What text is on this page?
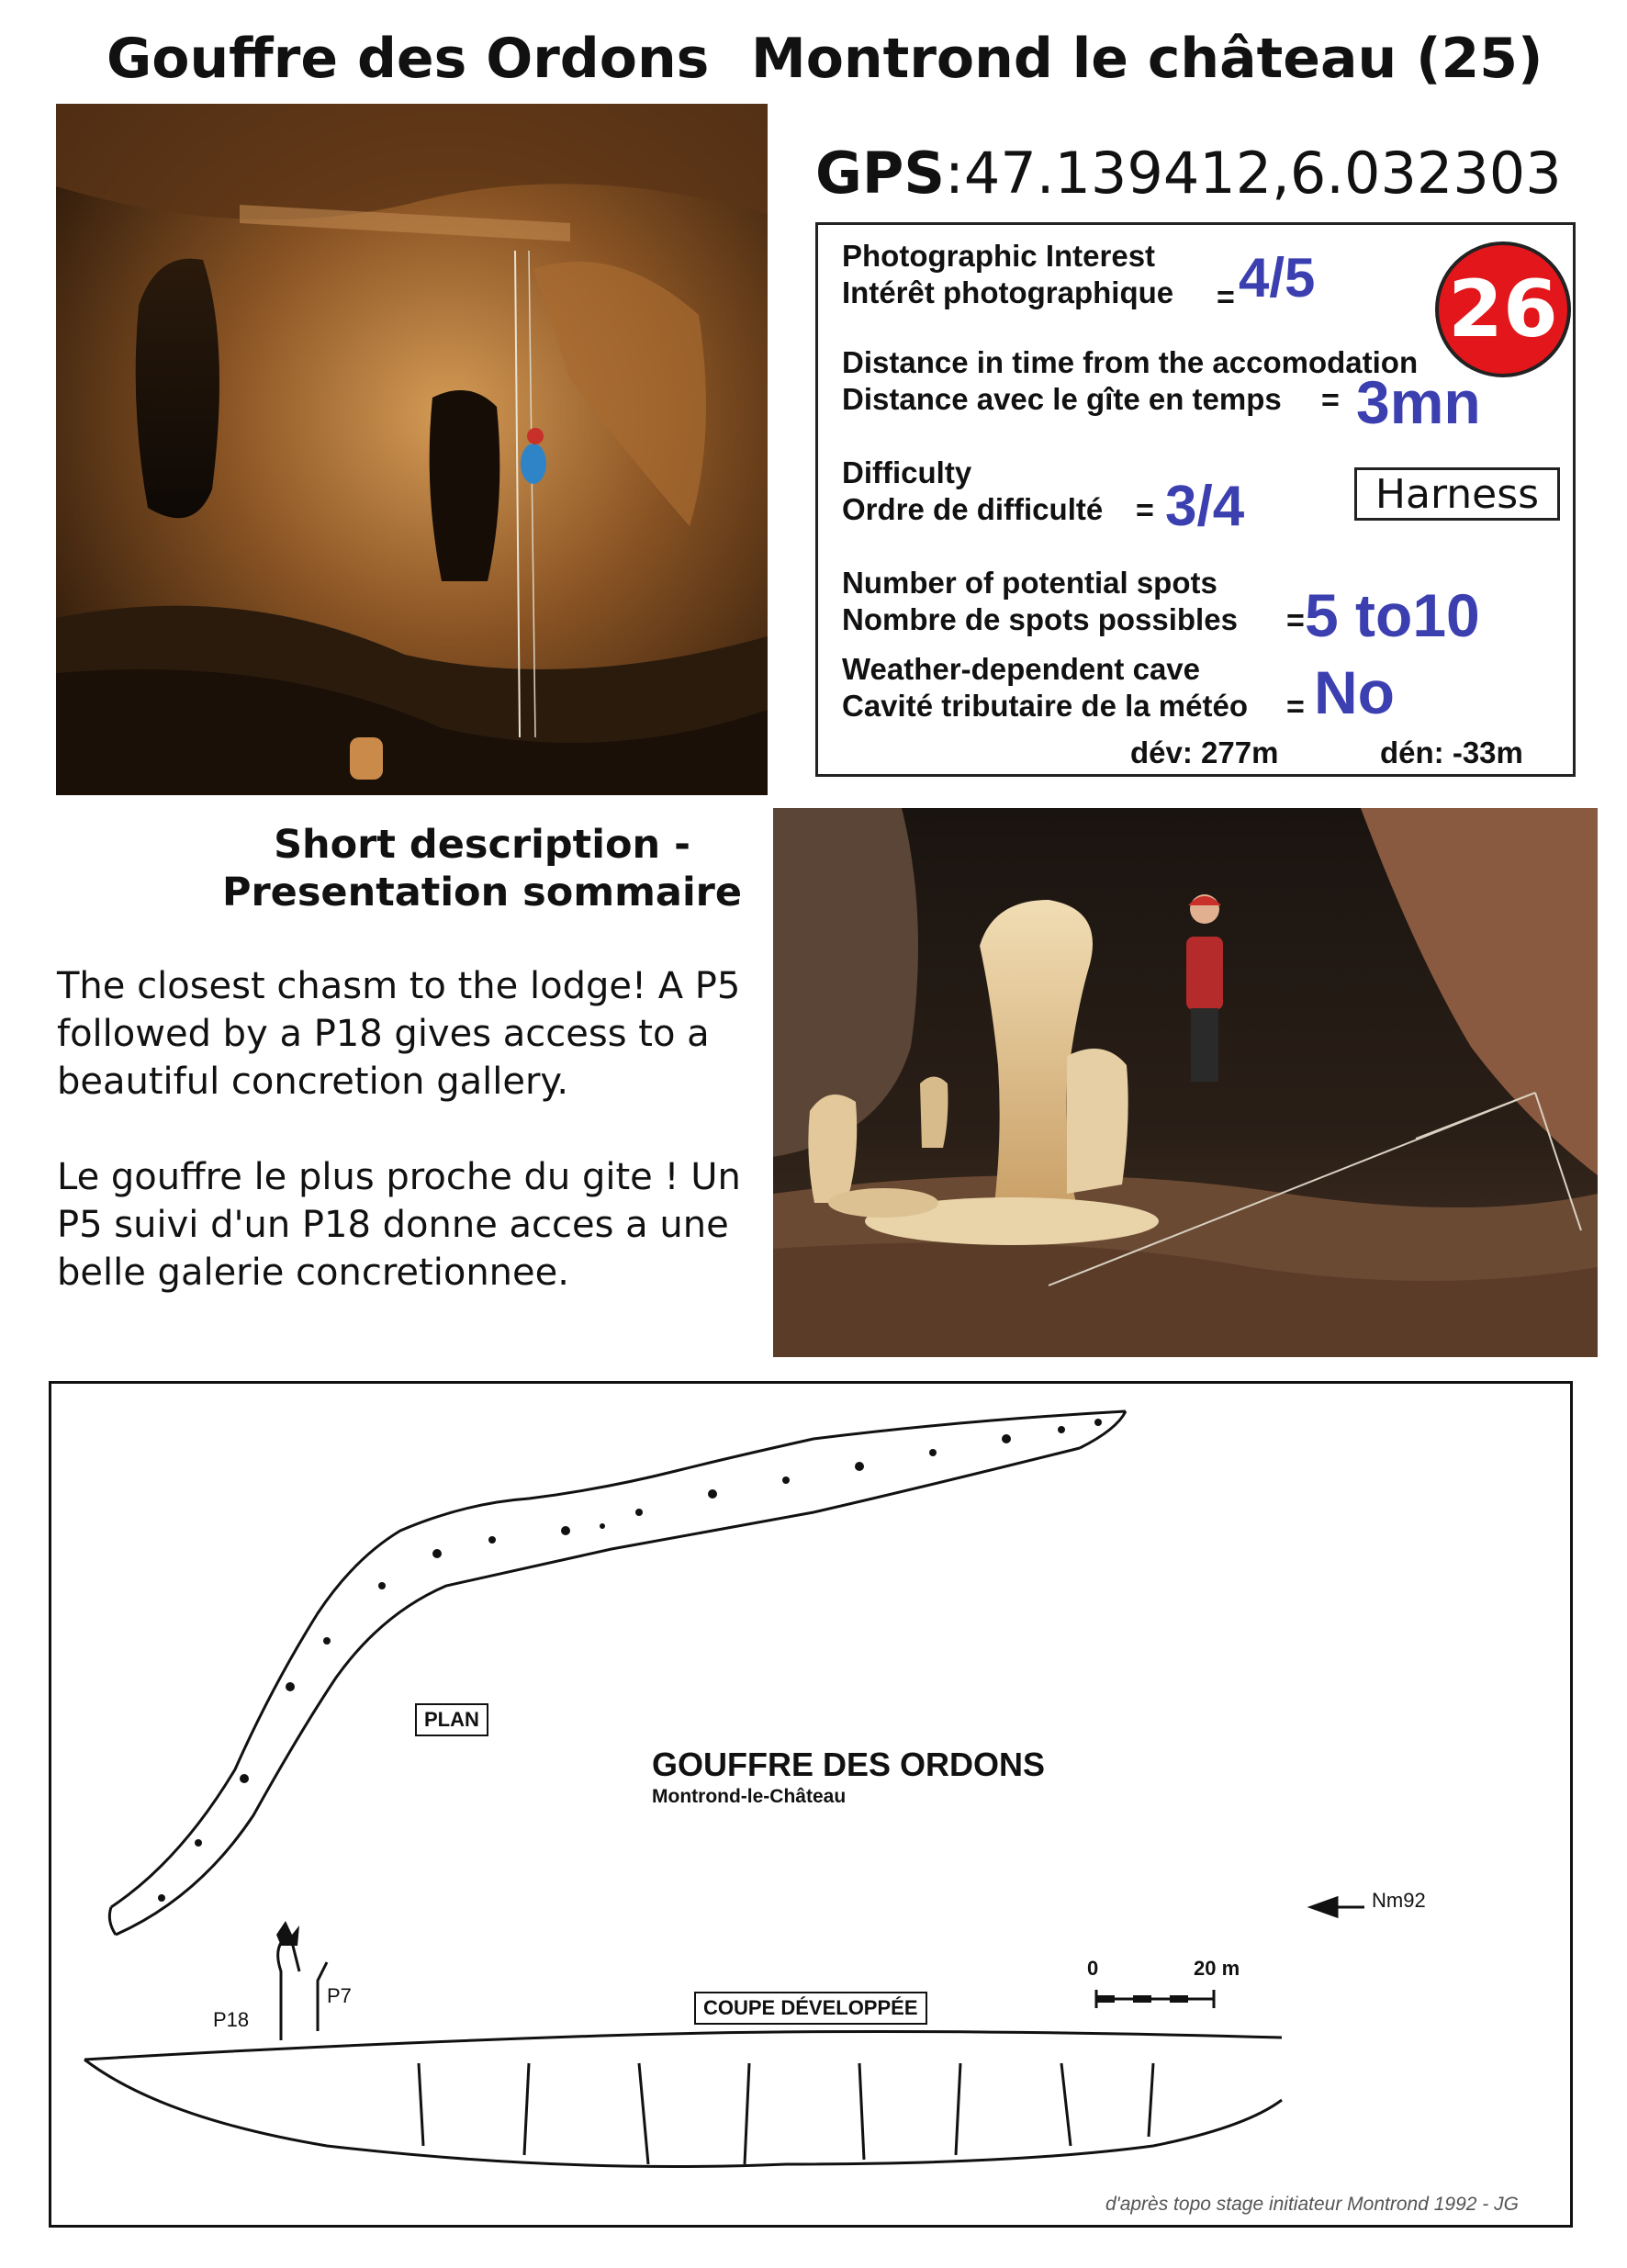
Gouffre des Ordons Montrond le château (25)
GPS:47.139412,6.032303
26
Photographic Interest
Intérêt photographique = 4/5
Distance in time from the accomodation
Distance avec le gîte en temps = 3mn
Difficulty
Ordre de difficulté = 3/4	Harness
Number of potential spots
Nombre de spots possibles = 5 to10
Weather-dependent cave
Cavité tributaire de la météo = No
dév: 277m	dén: -33m
Short description -
Presentation sommaire
The closest chasm to the lodge! A P5 followed by a P18 gives access to a beautiful concretion gallery.
Le gouffre le plus proche du gite ! Un P5 suivi d'un P18 donne acces a une belle galerie concretionnee.
PLAN
GOUFFRE DES ORDONS
Montrond-le-Château
Nm92
0	20 m
COUPE DÉVELOPPÉE
P18
P7
d'après topo stage initiateur Montrond 1992 - JG
